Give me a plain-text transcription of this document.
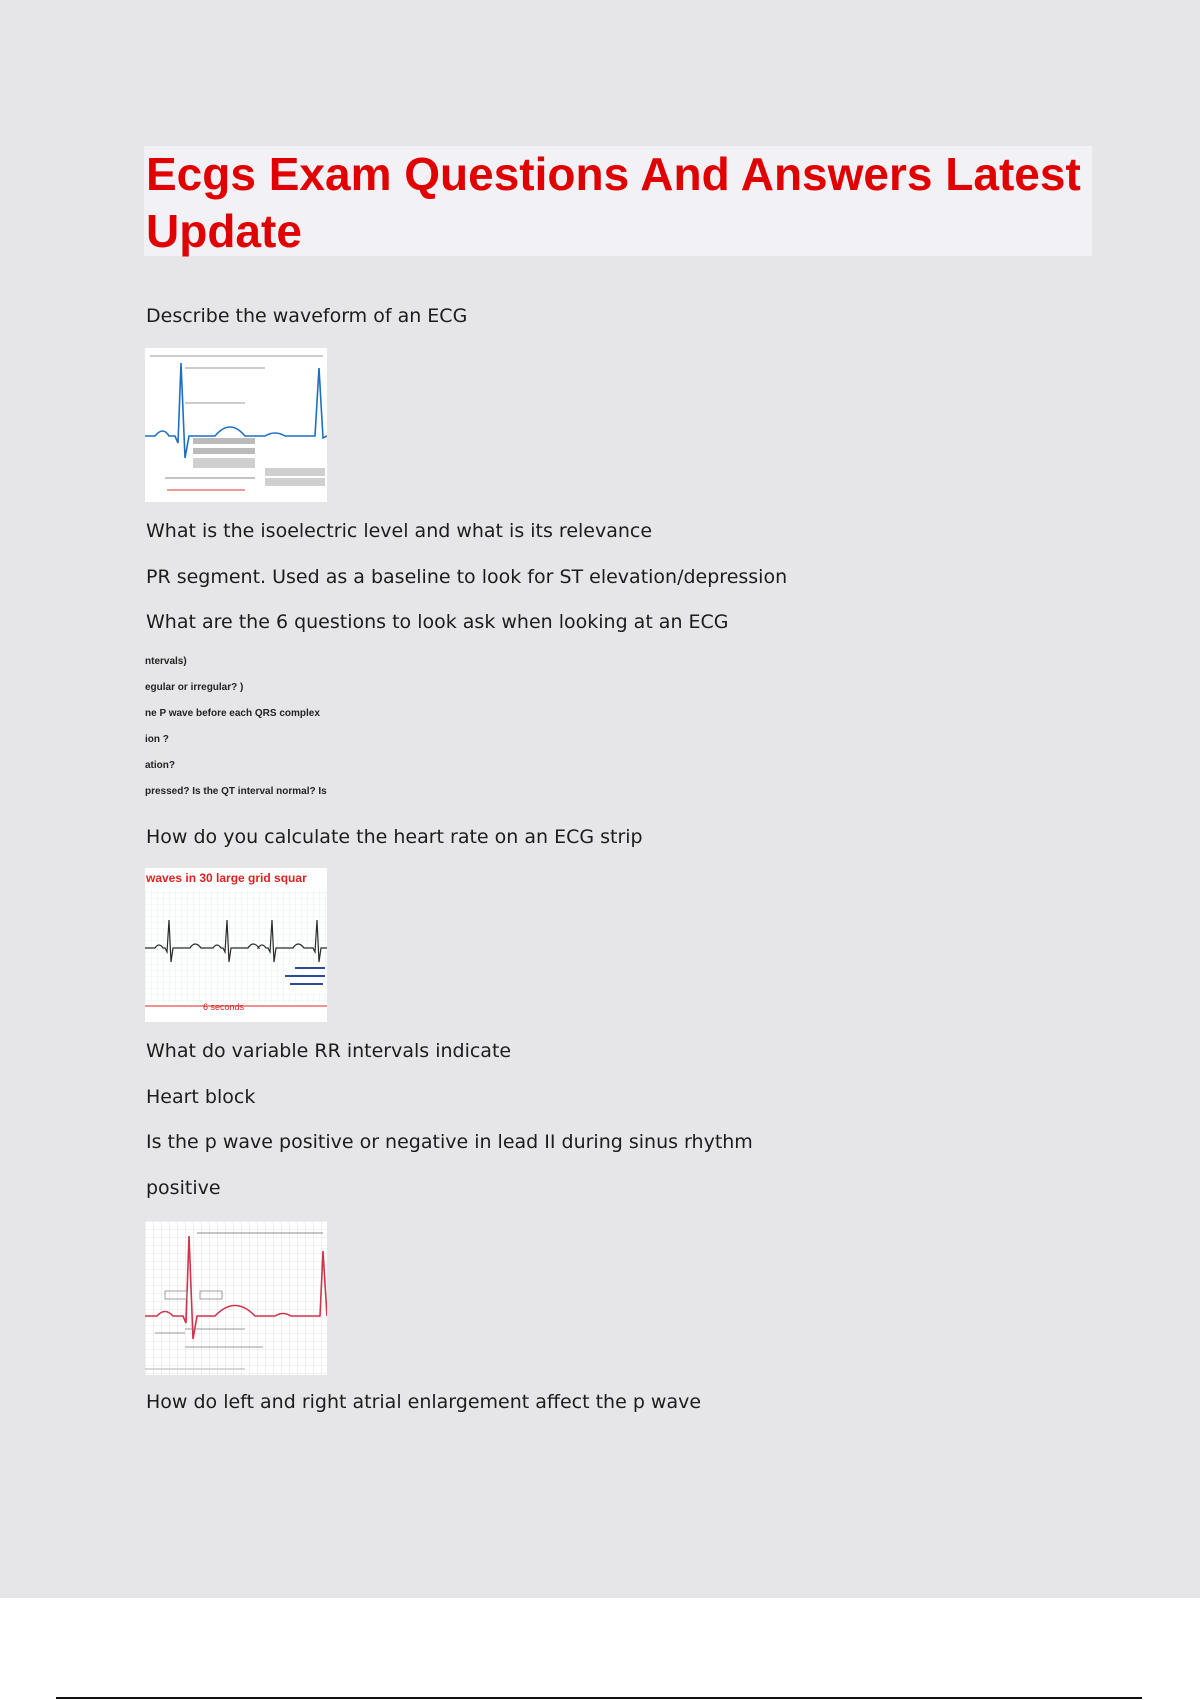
Ecgs Exam Questions And Answers Latest Update
Describe the waveform of an ECG
What is the isoelectric level and what is its relevance
PR segment. Used as a baseline to look for ST elevation/depression
What are the 6 questions to look ask when looking at an ECG
ntervals)
egular or irregular? )
ne P wave before each QRS complex
ion ?
ation?
pressed? Is the QT interval normal? Is
How do you calculate the heart rate on an ECG strip
waves in 30 large grid squar
6 seconds
What do variable RR intervals indicate
Heart block
Is the p wave positive or negative in lead II during sinus rhythm
positive
How do left and right atrial enlargement affect the p wave
